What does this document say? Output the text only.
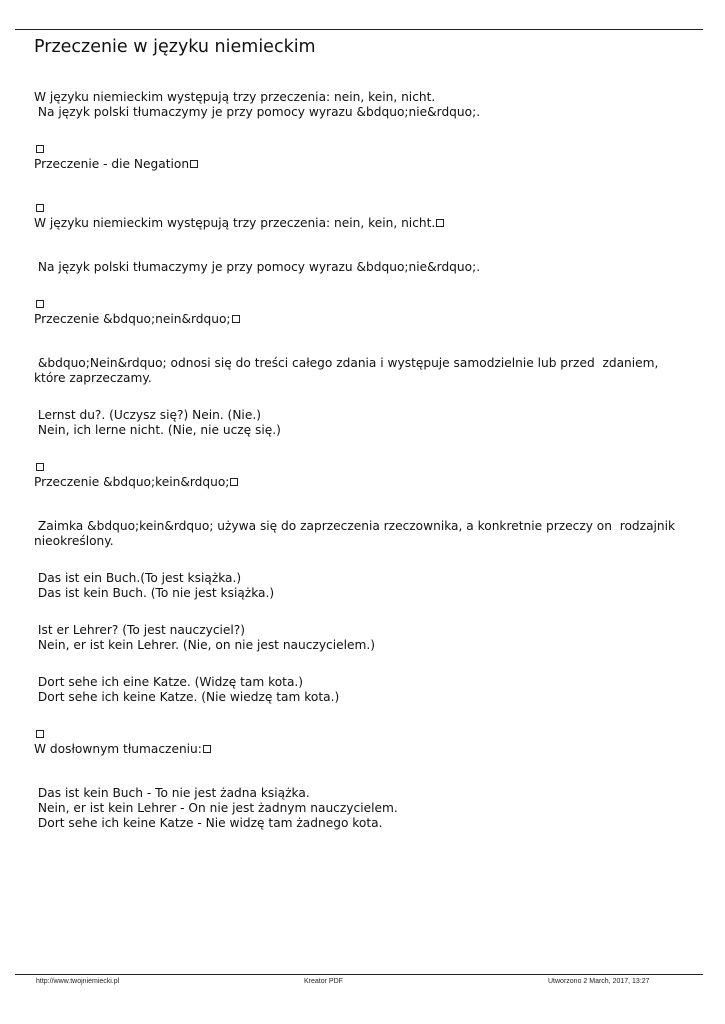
Przeczenie w języku niemieckim

W języku niemieckim występują trzy przeczenia: nein, kein, nicht.

Na język polski tłumaczymy je przy pomocy wyrazu &bdquo;nie&rdquo;.

Przeczenie - die Negation

W języku niemieckim występują trzy przeczenia: nein, kein, nicht.

Na język polski tłumaczymy je przy pomocy wyrazu &bdquo;nie&rdquo;.

Przeczenie &bdquo;nein&rdquo;

&bdquo;Nein&rdquo; odnosi się do treści całego zdania i występuje samodzielnie lub przed  zdaniem,

które zaprzeczamy.

Lernst du?. (Uczysz się?) Nein. (Nie.)

Nein, ich lerne nicht. (Nie, nie uczę się.)

Przeczenie &bdquo;kein&rdquo;

Zaimka &bdquo;kein&rdquo; używa się do zaprzeczenia rzeczownika, a konkretnie przeczy on  rodzajnik

nieokreślony.

Das ist ein Buch.(To jest książka.)

Das ist kein Buch. (To nie jest książka.)

Ist er Lehrer? (To jest nauczyciel?)

Nein, er ist kein Lehrer. (Nie, on nie jest nauczycielem.)

Dort sehe ich eine Katze. (Widzę tam kota.)

Dort sehe ich keine Katze. (Nie wiedzę tam kota.)

W dosłownym tłumaczeniu:

Das ist kein Buch - To nie jest żadna książka.

Nein, er ist kein Lehrer - On nie jest żadnym nauczycielem.

Dort sehe ich keine Katze - Nie widzę tam żadnego kota.

http://www.twojniemiecki.pl	Kreator PDF	Utworzono 2 March, 2017, 13:27
